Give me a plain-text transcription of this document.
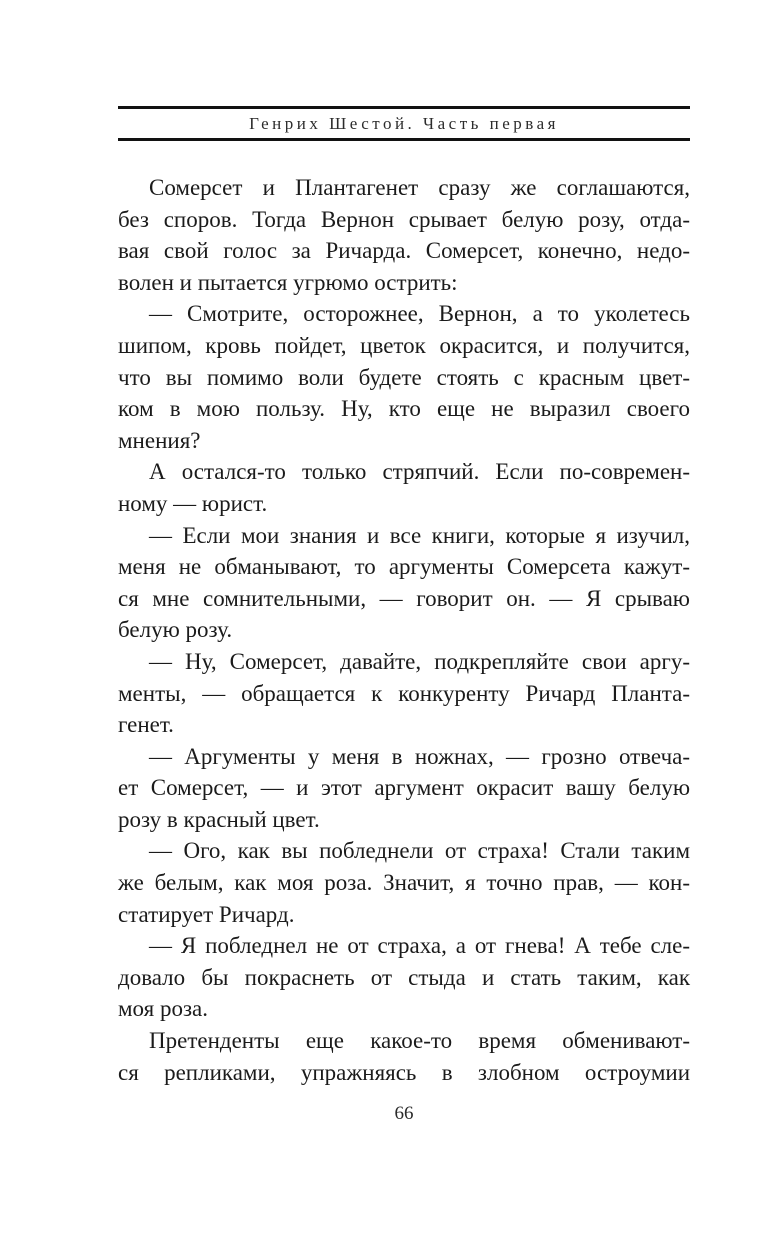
Генрих Шестой. Часть первая
Сомерсет и Плантагенет сразу же соглашаются,
без споров. Тогда Вернон срывает белую розу, отда-
вая свой голос за Ричарда. Сомерсет, конечно, недо-
волен и пытается угрюмо острить:
— Смотрите, осторожнее, Вернон, а то уколетесь
шипом, кровь пойдет, цветок окрасится, и получится,
что вы помимо воли будете стоять с красным цвет-
ком в мою пользу. Ну, кто еще не выразил своего
мнения?
А остался-то только стряпчий. Если по-современ-
ному — юрист.
— Если мои знания и все книги, которые я изучил,
меня не обманывают, то аргументы Сомерсета кажут-
ся мне сомнительными, — говорит он. — Я срываю
белую розу.
— Ну, Сомерсет, давайте, подкрепляйте свои аргу-
менты, — обращается к конкуренту Ричард Планта-
генет.
— Аргументы у меня в ножнах, — грозно отвеча-
ет Сомерсет, — и этот аргумент окрасит вашу белую
розу в красный цвет.
— Ого, как вы побледнели от страха! Стали таким
же белым, как моя роза. Значит, я точно прав, — кон-
статирует Ричард.
— Я побледнел не от страха, а от гнева! А тебе сле-
довало бы покраснеть от стыда и стать таким, как
моя роза.
Претенденты еще какое-то время обменивают-
ся репликами, упражняясь в злобном остроумии
66
